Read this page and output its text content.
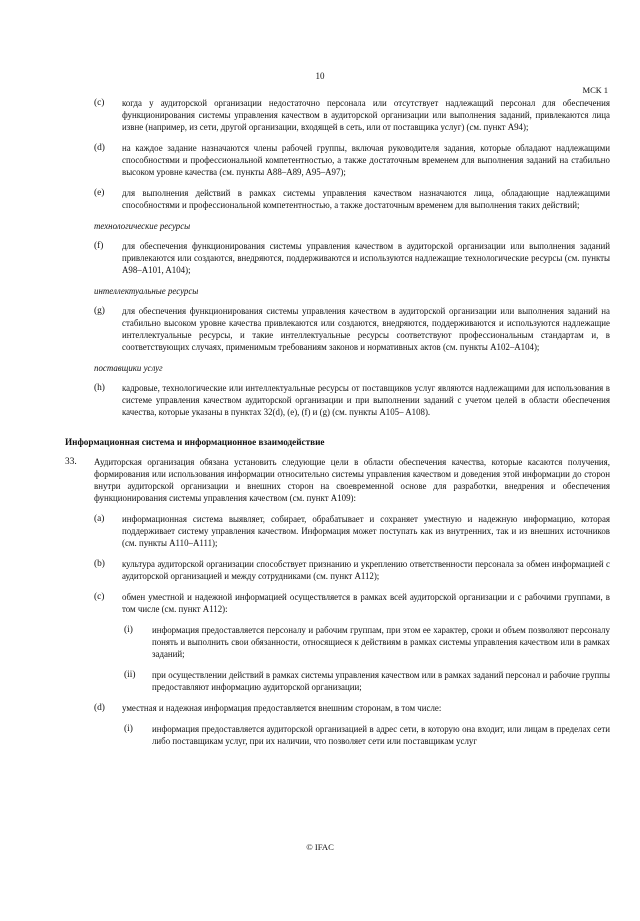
10
МСК 1
(c) когда у аудиторской организации недостаточно персонала или отсутствует надлежащий персонал для обеспечения функционирования системы управления качеством в аудиторской организации или выполнения заданий, привлекаются лица извне (например, из сети, другой организации, входящей в сеть, или от поставщика услуг) (см. пункт A94);
(d) на каждое задание назначаются члены рабочей группы, включая руководителя задания, которые обладают надлежащими способностями и профессиональной компетентностью, а также достаточным временем для выполнения заданий на стабильно высоком уровне качества (см. пункты A88–A89, A95–A97);
(e) для выполнения действий в рамках системы управления качеством назначаются лица, обладающие надлежащими способностями и профессиональной компетентностью, а также достаточным временем для выполнения таких действий;
технологические ресурсы
(f) для обеспечения функционирования системы управления качеством в аудиторской организации или выполнения заданий привлекаются или создаются, внедряются, поддерживаются и используются надлежащие технологические ресурсы (см. пункты A98–A101, A104);
интеллектуальные ресурсы
(g) для обеспечения функционирования системы управления качеством в аудиторской организации или выполнения заданий на стабильно высоком уровне качества привлекаются или создаются, внедряются, поддерживаются и используются надлежащие интеллектуальные ресурсы, и такие интеллектуальные ресурсы соответствуют профессиональным стандартам и, в соответствующих случаях, применимым требованиям законов и нормативных актов (см. пункты A102–A104);
поставщики услуг
(h) кадровые, технологические или интеллектуальные ресурсы от поставщиков услуг являются надлежащими для использования в системе управления качеством аудиторской организации и при выполнении заданий с учетом целей в области обеспечения качества, которые указаны в пунктах 32(d), (e), (f) и (g) (см. пункты A105– A108).
Информационная система и информационное взаимодействие
33. Аудиторская организация обязана установить следующие цели в области обеспечения качества, которые касаются получения, формирования или использования информации относительно системы управления качеством и доведения этой информации до сторон внутри аудиторской организации и внешних сторон на своевременной основе для разработки, внедрения и обеспечения функционирования системы управления качеством (см. пункт A109):
(a) информационная система выявляет, собирает, обрабатывает и сохраняет уместную и надежную информацию, которая поддерживает систему управления качеством. Информация может поступать как из внутренних, так и из внешних источников (см. пункты A110–A111);
(b) культура аудиторской организации способствует признанию и укреплению ответственности персонала за обмен информацией с аудиторской организацией и между сотрудниками (см. пункт A112);
(c) обмен уместной и надежной информацией осуществляется в рамках всей аудиторской организации и с рабочими группами, в том числе (см. пункт A112):
(i) информация предоставляется персоналу и рабочим группам, при этом ее характер, сроки и объем позволяют персоналу понять и выполнить свои обязанности, относящиеся к действиям в рамках системы управления качеством или в рамках заданий;
(ii) при осуществлении действий в рамках системы управления качеством или в рамках заданий персонал и рабочие группы предоставляют информацию аудиторской организации;
(d) уместная и надежная информация предоставляется внешним сторонам, в том числе:
(i) информация предоставляется аудиторской организацией в адрес сети, в которую она входит, или лицам в пределах сети либо поставщикам услуг, при их наличии, что позволяет сети или поставщикам услуг
© IFAC
